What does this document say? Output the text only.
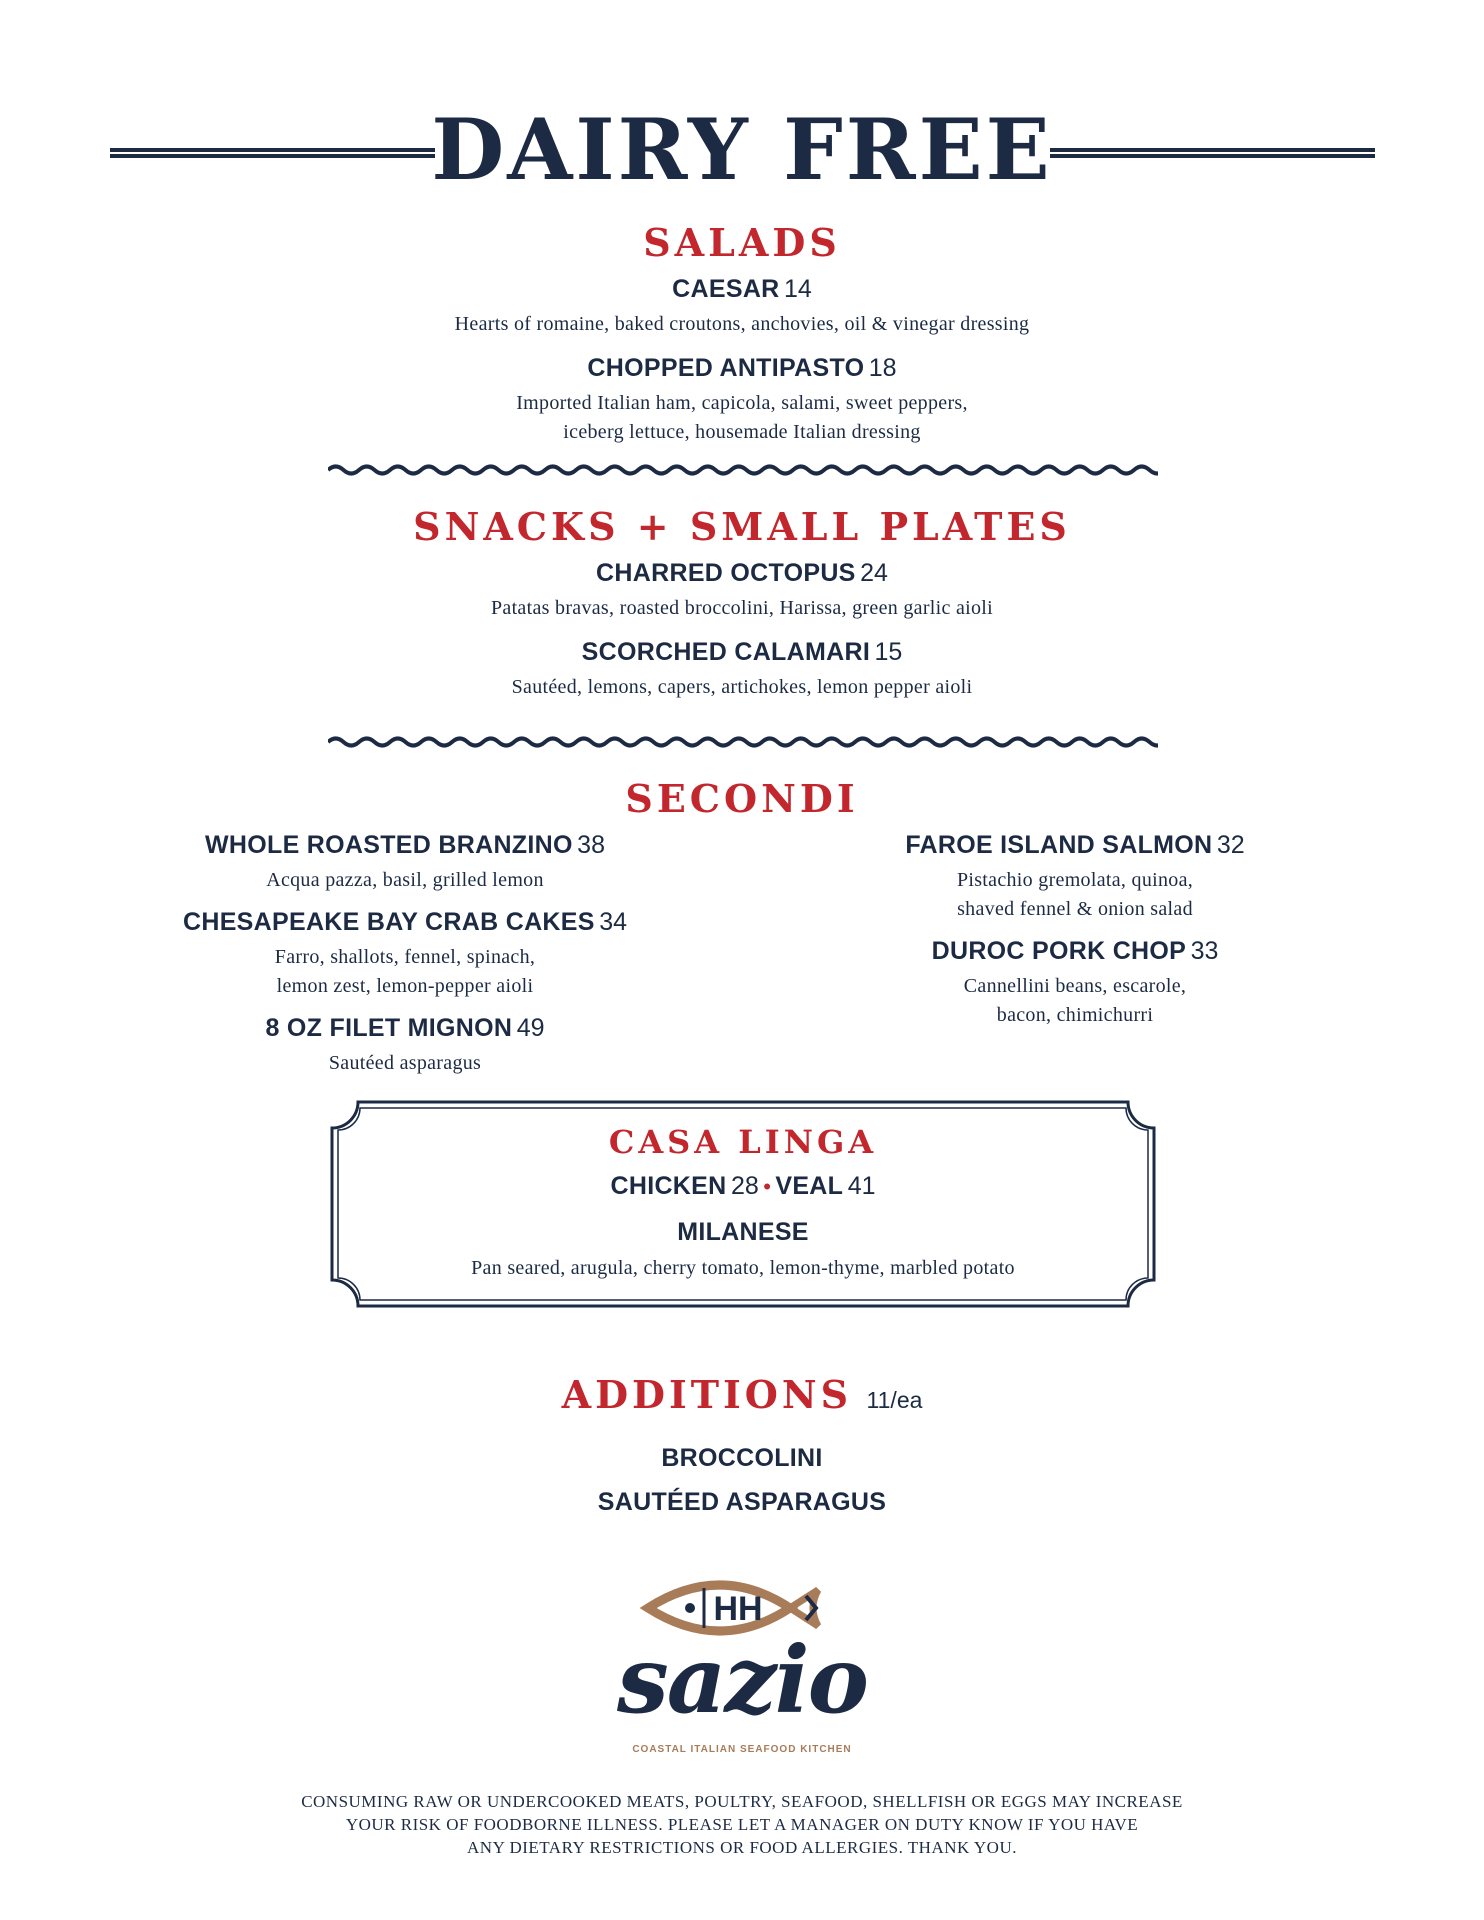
DAIRY FREE
SALADS
CAESAR 14
Hearts of romaine, baked croutons, anchovies, oil & vinegar dressing
CHOPPED ANTIPASTO 18
Imported Italian ham, capicola, salami, sweet peppers,
iceberg lettuce, housemade Italian dressing
SNACKS + SMALL PLATES
CHARRED OCTOPUS 24
Patatas bravas, roasted broccolini, Harissa, green garlic aioli
SCORCHED CALAMARI 15
Sautéed, lemons, capers, artichokes, lemon pepper aioli
SECONDI
WHOLE ROASTED BRANZINO 38
Acqua pazza, basil, grilled lemon
CHESAPEAKE BAY CRAB CAKES 34
Farro, shallots, fennel, spinach,
lemon zest, lemon-pepper aioli
8 OZ FILET MIGNON 49
Sautéed asparagus
FAROE ISLAND SALMON 32
Pistachio gremolata, quinoa,
shaved fennel & onion salad
DUROC PORK CHOP 33
Cannellini beans, escarole,
bacon, chimichurri
CASA LINGA
CHICKEN 28 • VEAL 41
MILANESE
Pan seared, arugula, cherry tomato, lemon-thyme, marbled potato
ADDITIONS 11/ea
BROCCOLINI
SAUTÉED ASPARAGUS
HH
sazio
COASTAL ITALIAN SEAFOOD KITCHEN
CONSUMING RAW OR UNDERCOOKED MEATS, POULTRY, SEAFOOD, SHELLFISH OR EGGS MAY INCREASE
YOUR RISK OF FOODBORNE ILLNESS. PLEASE LET A MANAGER ON DUTY KNOW IF YOU HAVE
ANY DIETARY RESTRICTIONS OR FOOD ALLERGIES. THANK YOU.
